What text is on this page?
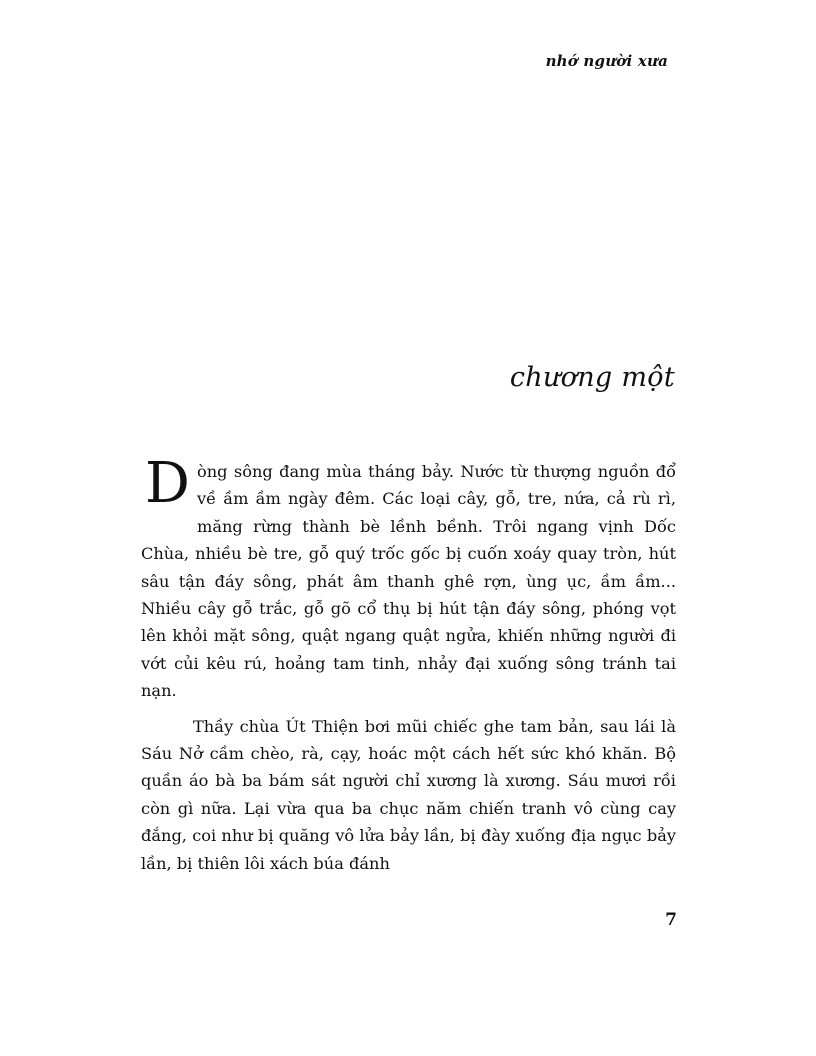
nhớ người xưa
chương một

D òng sông đang mùa tháng bảy. Nước từ thượng nguồn đổ về ầm ầm ngày đêm. Các loại cây, gỗ, tre, nứa, cả rù rì, măng rừng thành bè lềnh bềnh. Trôi ngang vịnh Dốc Chùa, nhiều bè tre, gỗ quý trốc gốc bị cuốn xoáy quay tròn, hút sâu tận đáy sông, phát âm thanh ghê rợn, ùng ục, ầm ầm... Nhiều cây gỗ trắc, gỗ gõ cổ thụ bị hút tận đáy sông, phóng vọt lên khỏi mặt sông, quật ngang quật ngửa, khiến những người đi vớt củi kêu rú, hoảng tam tinh, nhảy đại xuống sông tránh tai nạn.

Thầy chùa Út Thiện bơi mũi chiếc ghe tam bản, sau lái là Sáu Nở cầm chèo, rà, cạy, hoác một cách hết sức khó khăn. Bộ quần áo bà ba bám sát người chỉ xương là xương. Sáu mươi rồi còn gì nữa. Lại vừa qua ba chục năm chiến tranh vô cùng cay đắng, coi như bị quăng vô lửa bảy lần, bị đày xuống địa ngục bảy lần, bị thiên lôi xách búa đánh

7
